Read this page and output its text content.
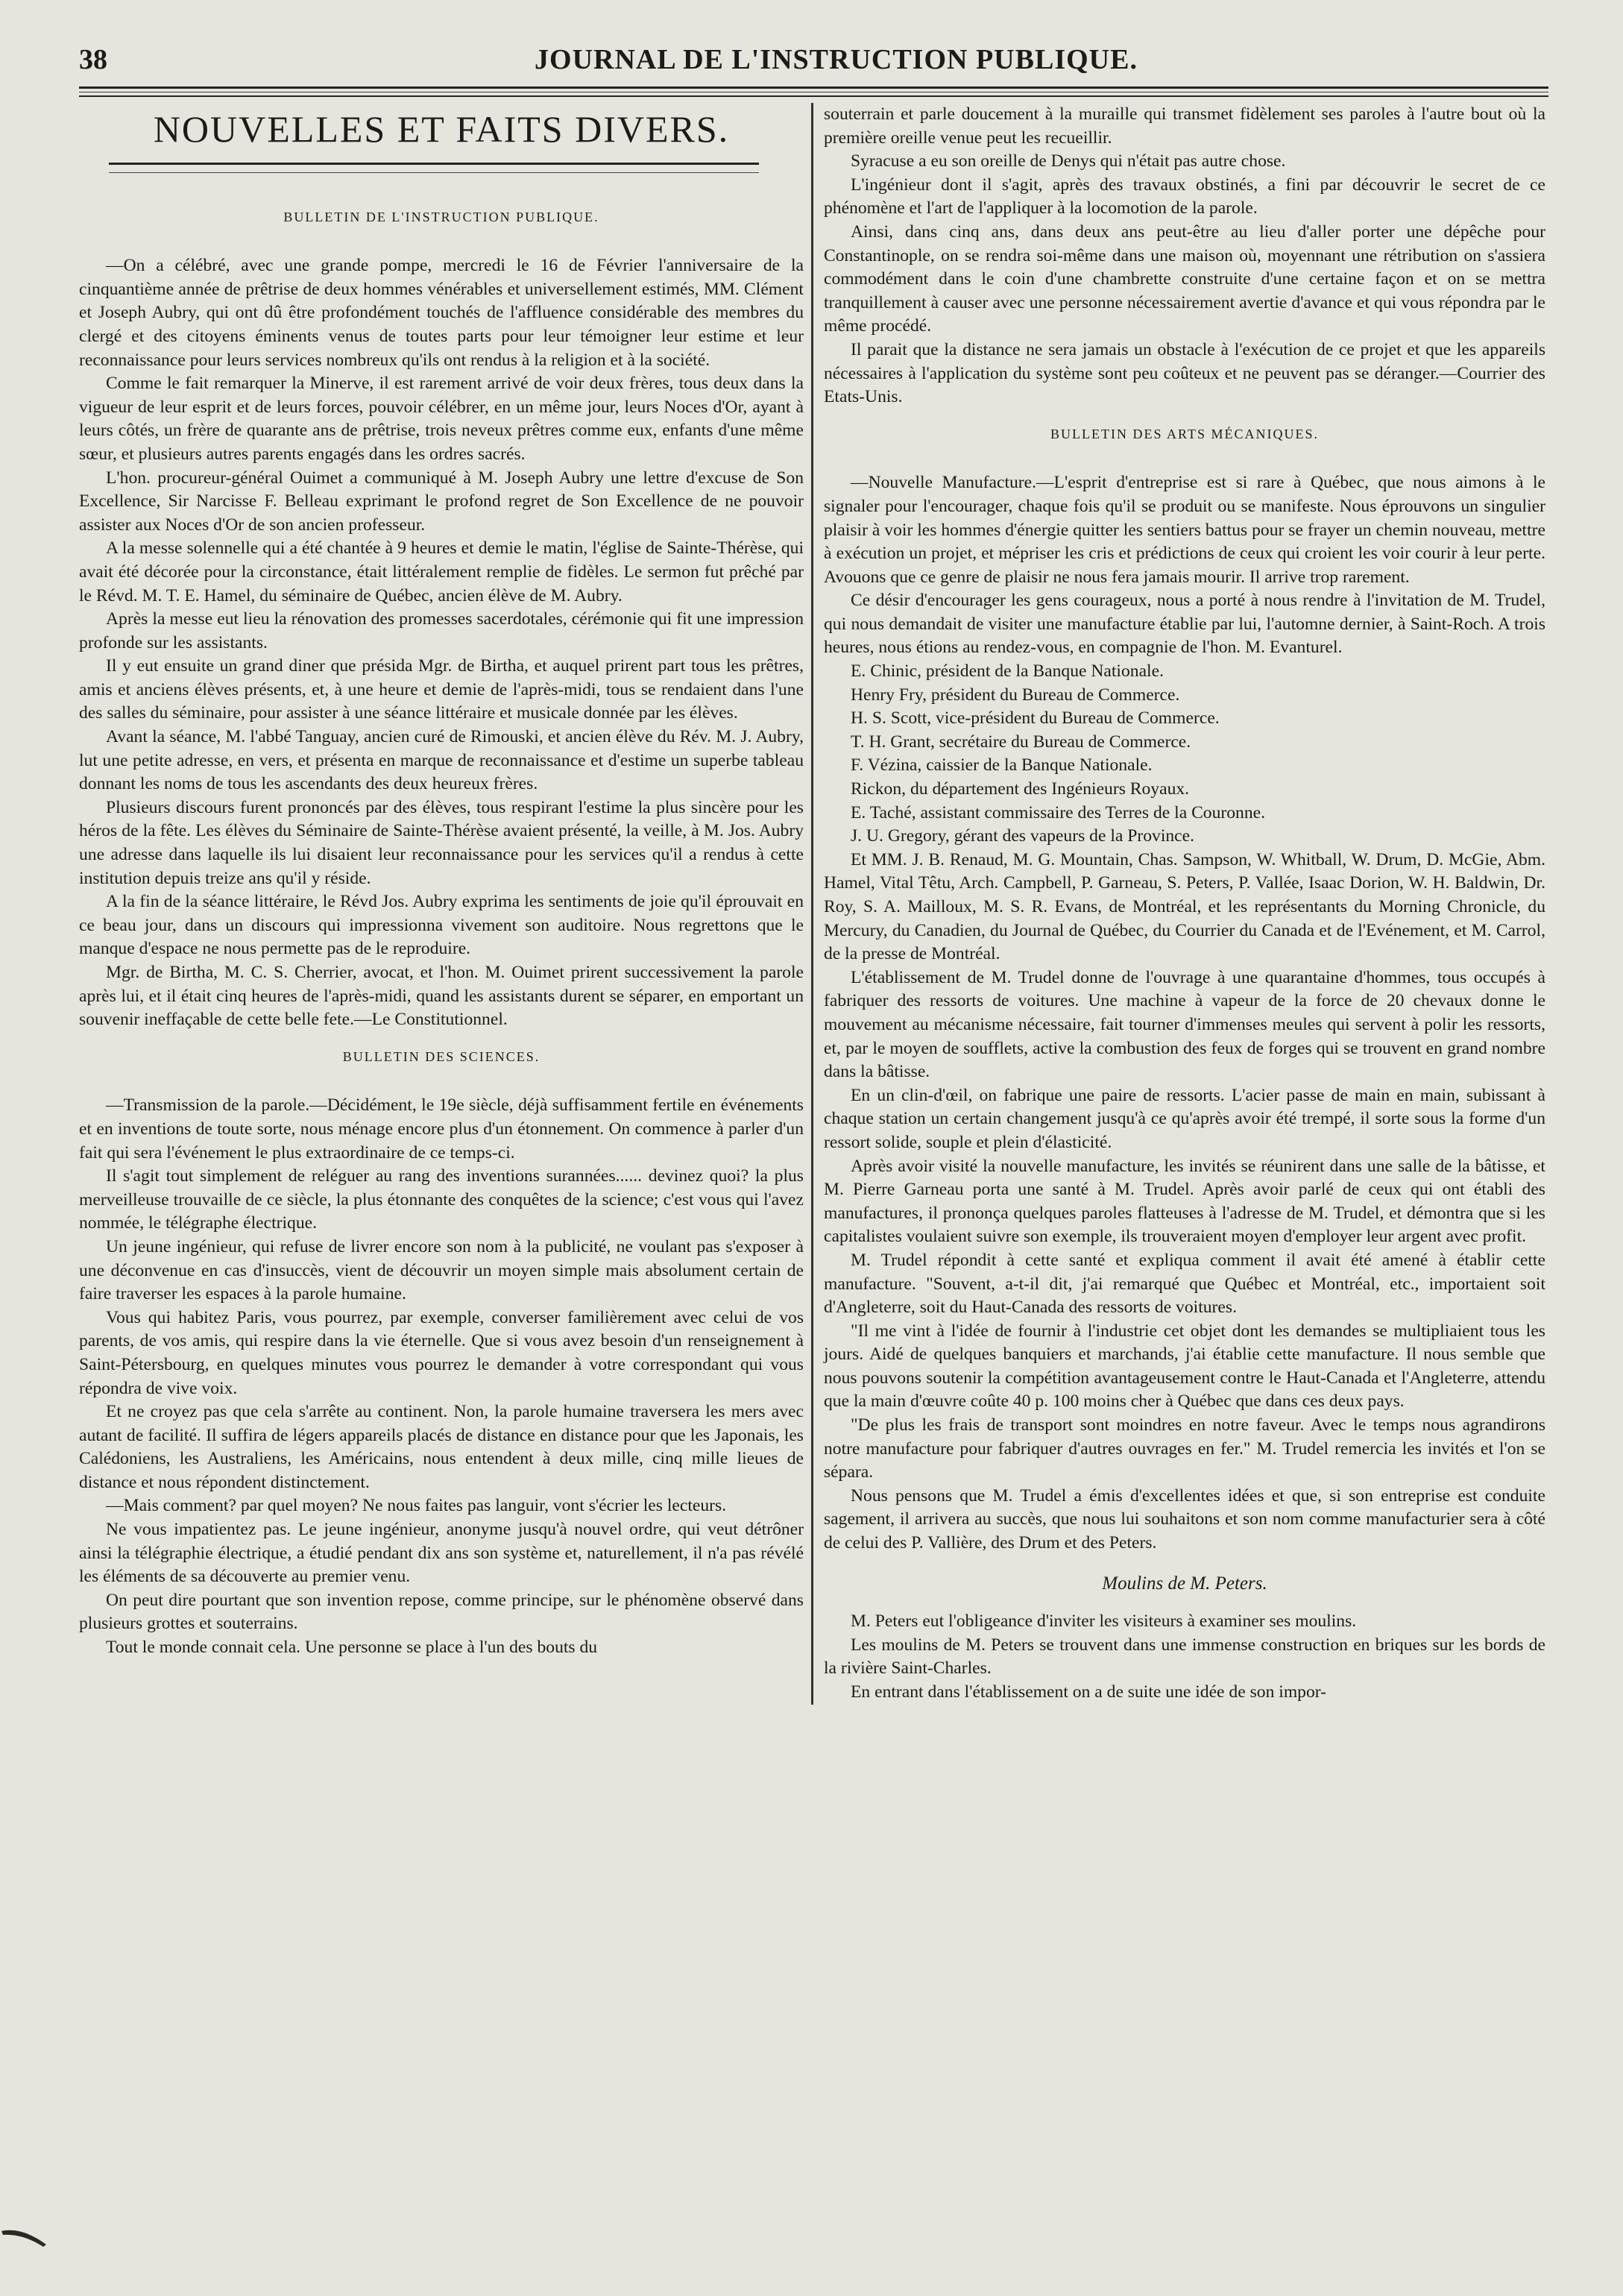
38	JOURNAL DE L'INSTRUCTION PUBLIQUE.
NOUVELLES ET FAITS DIVERS.
BULLETIN DE L'INSTRUCTION PUBLIQUE.

—On a célébré, avec une grande pompe, mercredi le 16 de Février l'anniversaire de la cinquantième année de prêtrise de deux hommes vénérables et universellement estimés, MM. Clément et Joseph Aubry, qui ont dû être profondément touchés de l'affluence considérable des membres du clergé et des citoyens éminents venus de toutes parts pour leur témoigner leur estime et leur reconnaissance pour leurs services nombreux qu'ils ont rendus à la religion et à la société.

Comme le fait remarquer la Minerve, il est rarement arrivé de voir deux frères, tous deux dans la vigueur de leur esprit et de leurs forces, pouvoir célébrer, en un même jour, leurs Noces d'Or, ayant à leurs côtés, un frère de quarante ans de prêtrise, trois neveux prêtres comme eux, enfants d'une même sœur, et plusieurs autres parents engagés dans les ordres sacrés.

L'hon. procureur-général Ouimet a communiqué à M. Joseph Aubry une lettre d'excuse de Son Excellence, Sir Narcisse F. Belleau exprimant le profond regret de Son Excellence de ne pouvoir assister aux Noces d'Or de son ancien professeur.

A la messe solennelle qui a été chantée à 9 heures et demie le matin, l'église de Sainte-Thérèse, qui avait été décorée pour la circonstance, était littéralement remplie de fidèles. Le sermon fut prêché par le Révd. M. T. E. Hamel, du séminaire de Québec, ancien élève de M. Aubry.

Après la messe eut lieu la rénovation des promesses sacerdotales, cérémonie qui fit une impression profonde sur les assistants.

Il y eut ensuite un grand diner que présida Mgr. de Birtha, et auquel prirent part tous les prêtres, amis et anciens élèves présents, et, à une heure et demie de l'après-midi, tous se rendaient dans l'une des salles du séminaire, pour assister à une séance littéraire et musicale donnée par les élèves.

Avant la séance, M. l'abbé Tanguay, ancien curé de Rimouski, et ancien élève du Rév. M. J. Aubry, lut une petite adresse, en vers, et présenta en marque de reconnaissance et d'estime un superbe tableau donnant les noms de tous les ascendants des deux heureux frères.

Plusieurs discours furent prononcés par des élèves, tous respirant l'estime la plus sincère pour les héros de la fête. Les élèves du Séminaire de Sainte-Thérèse avaient présenté, la veille, à M. Jos. Aubry une adresse dans laquelle ils lui disaient leur reconnaissance pour les services qu'il a rendus à cette institution depuis treize ans qu'il y réside.

A la fin de la séance littéraire, le Révd Jos. Aubry exprima les sentiments de joie qu'il éprouvait en ce beau jour, dans un discours qui impressionna vivement son auditoire. Nous regrettons que le manque d'espace ne nous permette pas de le reproduire.

Mgr. de Birtha, M. C. S. Cherrier, avocat, et l'hon. M. Ouimet prirent successivement la parole après lui, et il était cinq heures de l'après-midi, quand les assistants durent se séparer, en emportant un souvenir ineffaçable de cette belle fete.—Le Constitutionnel.

BULLETIN DES SCIENCES.

—Transmission de la parole.—Décidément, le 19e siècle, déjà suffisamment fertile en événements et en inventions de toute sorte, nous ménage encore plus d'un étonnement. On commence à parler d'un fait qui sera l'événement le plus extraordinaire de ce temps-ci.

Il s'agit tout simplement de reléguer au rang des inventions surannées...... devinez quoi? la plus merveilleuse trouvaille de ce siècle, la plus étonnante des conquêtes de la science; c'est vous qui l'avez nommée, le télégraphe électrique.

Un jeune ingénieur, qui refuse de livrer encore son nom à la publicité, ne voulant pas s'exposer à une déconvenue en cas d'insuccès, vient de découvrir un moyen simple mais absolument certain de faire traverser les espaces à la parole humaine.

Vous qui habitez Paris, vous pourrez, par exemple, converser familièrement avec celui de vos parents, de vos amis, qui respire dans la vie éternelle. Que si vous avez besoin d'un renseignement à Saint-Pétersbourg, en quelques minutes vous pourrez le demander à votre correspondant qui vous répondra de vive voix.

Et ne croyez pas que cela s'arrête au continent. Non, la parole humaine traversera les mers avec autant de facilité. Il suffira de légers appareils placés de distance en distance pour que les Japonais, les Calédoniens, les Australiens, les Américains, nous entendent à deux mille, cinq mille lieues de distance et nous répondent distinctement.

—Mais comment? par quel moyen? Ne nous faites pas languir, vont s'écrier les lecteurs.

Ne vous impatientez pas. Le jeune ingénieur, anonyme jusqu'à nouvel ordre, qui veut détrôner ainsi la télégraphie électrique, a étudié pendant dix ans son système et, naturellement, il n'a pas révélé les éléments de sa découverte au premier venu.

On peut dire pourtant que son invention repose, comme principe, sur le phénomène observé dans plusieurs grottes et souterrains.

Tout le monde connait cela. Une personne se place à l'un des bouts du

souterrain et parle doucement à la muraille qui transmet fidèlement ses paroles à l'autre bout où la première oreille venue peut les recueillir.

Syracuse a eu son oreille de Denys qui n'était pas autre chose.

L'ingénieur dont il s'agit, après des travaux obstinés, a fini par découvrir le secret de ce phénomène et l'art de l'appliquer à la locomotion de la parole.

Ainsi, dans cinq ans, dans deux ans peut-être au lieu d'aller porter une dépêche pour Constantinople, on se rendra soi-même dans une maison où, moyennant une rétribution on s'assiera commodément dans le coin d'une chambrette construite d'une certaine façon et on se mettra tranquillement à causer avec une personne nécessairement avertie d'avance et qui vous répondra par le même procédé.

Il parait que la distance ne sera jamais un obstacle à l'exécution de ce projet et que les appareils nécessaires à l'application du système sont peu coûteux et ne peuvent pas se déranger.—Courrier des Etats-Unis.

BULLETIN DES ARTS MÉCANIQUES.

—Nouvelle Manufacture.—L'esprit d'entreprise est si rare à Québec, que nous aimons à le signaler pour l'encourager, chaque fois qu'il se produit ou se manifeste. Nous éprouvons un singulier plaisir à voir les hommes d'énergie quitter les sentiers battus pour se frayer un chemin nouveau, mettre à exécution un projet, et mépriser les cris et prédictions de ceux qui croient les voir courir à leur perte. Avouons que ce genre de plaisir ne nous fera jamais mourir. Il arrive trop rarement.

Ce désir d'encourager les gens courageux, nous a porté à nous rendre à l'invitation de M. Trudel, qui nous demandait de visiter une manufacture établie par lui, l'automne dernier, à Saint-Roch. A trois heures, nous étions au rendez-vous, en compagnie de l'hon. M. Evanturel.

E. Chinic, président de la Banque Nationale.

Henry Fry, président du Bureau de Commerce.

H. S. Scott, vice-président du Bureau de Commerce.

T. H. Grant, secrétaire du Bureau de Commerce.

F. Vézina, caissier de la Banque Nationale.

Rickon, du département des Ingénieurs Royaux.

E. Taché, assistant commissaire des Terres de la Couronne.

J. U. Gregory, gérant des vapeurs de la Province.

Et MM. J. B. Renaud, M. G. Mountain, Chas. Sampson, W. Whitball, W. Drum, D. McGie, Abm. Hamel, Vital Têtu, Arch. Campbell, P. Garneau, S. Peters, P. Vallée, Isaac Dorion, W. H. Baldwin, Dr. Roy, S. A. Mailloux, M. S. R. Evans, de Montréal, et les représentants du Morning Chronicle, du Mercury, du Canadien, du Journal de Québec, du Courrier du Canada et de l'Evénement, et M. Carrol, de la presse de Montréal.

L'établissement de M. Trudel donne de l'ouvrage à une quarantaine d'hommes, tous occupés à fabriquer des ressorts de voitures. Une machine à vapeur de la force de 20 chevaux donne le mouvement au mécanisme nécessaire, fait tourner d'immenses meules qui servent à polir les ressorts, et, par le moyen de soufflets, active la combustion des feux de forges qui se trouvent en grand nombre dans la bâtisse.

En un clin-d'œil, on fabrique une paire de ressorts. L'acier passe de main en main, subissant à chaque station un certain changement jusqu'à ce qu'après avoir été trempé, il sorte sous la forme d'un ressort solide, souple et plein d'élasticité.

Après avoir visité la nouvelle manufacture, les invités se réunirent dans une salle de la bâtisse, et M. Pierre Garneau porta une santé à M. Trudel. Après avoir parlé de ceux qui ont établi des manufactures, il prononça quelques paroles flatteuses à l'adresse de M. Trudel, et démontra que si les capitalistes voulaient suivre son exemple, ils trouveraient moyen d'employer leur argent avec profit.

M. Trudel répondit à cette santé et expliqua comment il avait été amené à établir cette manufacture. "Souvent, a-t-il dit, j'ai remarqué que Québec et Montréal, etc., importaient soit d'Angleterre, soit du Haut-Canada des ressorts de voitures.

"Il me vint à l'idée de fournir à l'industrie cet objet dont les demandes se multipliaient tous les jours. Aidé de quelques banquiers et marchands, j'ai établie cette manufacture. Il nous semble que nous pouvons soutenir la compétition avantageusement contre le Haut-Canada et l'Angleterre, attendu que la main d'œuvre coûte 40 p. 100 moins cher à Québec que dans ces deux pays.

"De plus les frais de transport sont moindres en notre faveur. Avec le temps nous agrandirons notre manufacture pour fabriquer d'autres ouvrages en fer." M. Trudel remercia les invités et l'on se sépara.

Nous pensons que M. Trudel a émis d'excellentes idées et que, si son entreprise est conduite sagement, il arrivera au succès, que nous lui souhaitons et son nom comme manufacturier sera à côté de celui des P. Vallière, des Drum et des Peters.

Moulins de M. Peters.

M. Peters eut l'obligeance d'inviter les visiteurs à examiner ses moulins.

Les moulins de M. Peters se trouvent dans une immense construction en briques sur les bords de la rivière Saint-Charles.

En entrant dans l'établissement on a de suite une idée de son impor-
